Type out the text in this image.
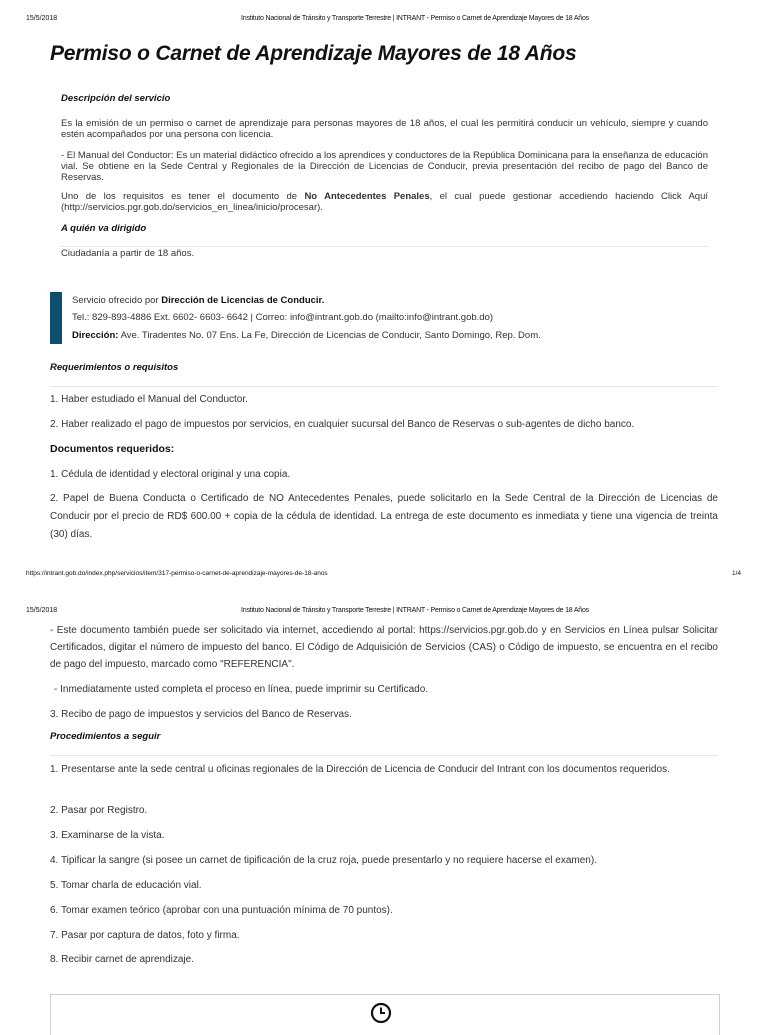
15/5/2018	Instituto Nacional de Tránsito y Transporte Terrestre | INTRANT - Permiso o Carnet de Aprendizaje Mayores de 18 Años
Permiso o Carnet de Aprendizaje Mayores de 18 Años
Descripción del servicio
Es la emisión de un permiso o carnet de aprendizaje para personas mayores de 18 años, el cual les permitirá conducir un vehículo, siempre y cuando estén acompañados por una persona con licencia.
- El Manual del Conductor: Es un material didáctico ofrecido a los aprendices y conductores de la República Dominicana para la enseñanza de educación vial. Se obtiene en la Sede Central y Regionales de la Dirección de Licencias de Conducir, previa presentación del recibo de pago del Banco de Reservas.
Uno de los requisitos es tener el documento de No Antecedentes Penales, el cual puede gestionar accediendo haciendo Click Aquí (http://servicios.pgr.gob.do/servicios_en_linea/inicio/procesar).
A quién va dirigido
Ciudadanía a partir de 18 años.
Servicio ofrecido por Dirección de Licencias de Conducir.
Tel.: 829-893-4886 Ext. 6602- 6603- 6642 | Correo: info@intrant.gob.do (mailto:info@intrant.gob.do)
Dirección: Ave. Tiradentes No. 07 Ens. La Fe, Dirección de Licencias de Conducir, Santo Domingo, Rep. Dom.
Requerimientos o requisitos
1. Haber estudiado el Manual del Conductor.
2. Haber realizado el pago de impuestos por servicios, en cualquier sucursal del Banco de Reservas o sub-agentes de dicho banco.
Documentos requeridos:
1. Cédula de identidad y electoral original y una copia.
2. Papel de Buena Conducta o Certificado de NO Antecedentes Penales, puede solicitarlo en la Sede Central de la Dirección de Licencias de Conducir por el precio de RD$ 600.00 + copia de la cédula de identidad. La entrega de este documento es inmediata y tiene una vigencia de treinta (30) días.
https://intrant.gob.do/index.php/servicios/item/317-permiso-o-carnet-de-aprendizaje-mayores-de-18-anos	1/4
15/5/2018	Instituto Nacional de Tránsito y Transporte Terrestre | INTRANT - Permiso o Carnet de Aprendizaje Mayores de 18 Años
- Este documento también puede ser solicitado via internet, accediendo al portal: https://servicios.pgr.gob.do y en Servicios en Línea pulsar Solicitar Certificados, digitar el número de impuesto del banco. El Código de Adquisición de Servicios (CAS) o Código de impuesto, se encuentra en el recibo de pago del impuesto, marcado como "REFERENCIA".
- Inmediatamente usted completa el proceso en línea, puede imprimir su Certificado.
3. Recibo de pago de impuestos y servicios del Banco de Reservas.
Procedimientos a seguir
1. Presentarse ante la sede central u oficinas regionales de la Dirección de Licencia de Conducir del Intrant con los documentos requeridos.
2. Pasar por Registro.
3. Examinarse de la vista.
4. Tipificar la sangre (si posee un carnet de tipificación de la cruz roja, puede presentarlo y no requiere hacerse el examen).
5. Tomar charla de educación vial.
6. Tomar examen teórico (aprobar con una puntuación mínima de 70 puntos).
7. Pasar por captura de datos, foto y firma.
8. Recibir carnet de aprendizaje.
